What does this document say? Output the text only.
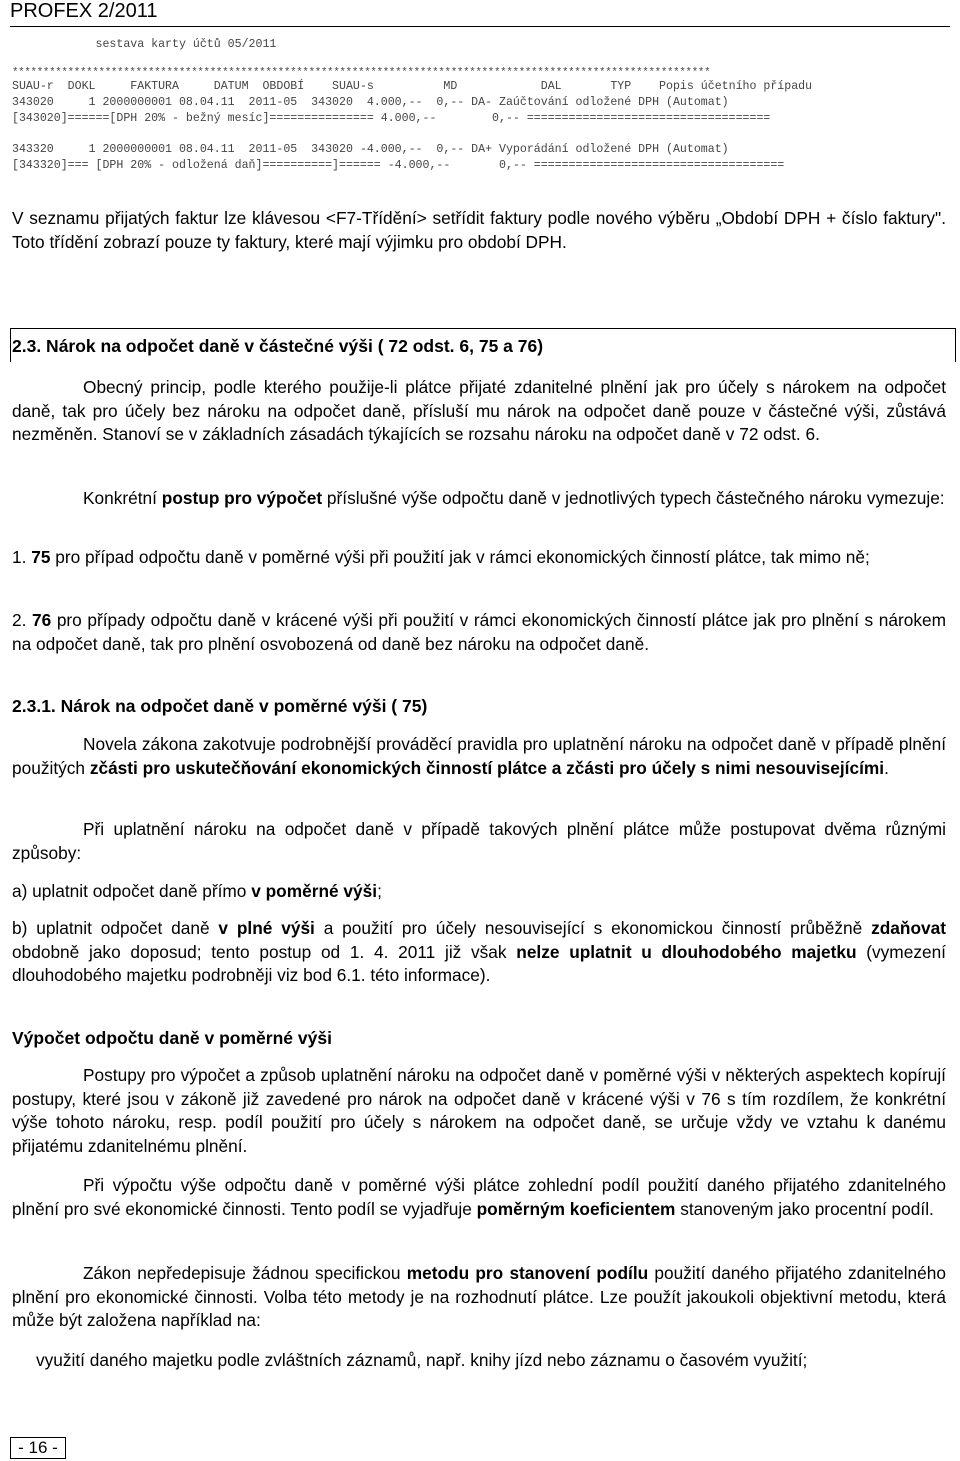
PROFEX 2/2011
sestava karty účtů 05/2011
*****************************************************************************************************************
SUAU-r  DOKL     FAKTURA     DATUM  OBDOBÍ    SUAU-s          MD            DAL       TYP    Popis účetního případu
343020     1 2000000001 08.04.11  2011-05  343020  4.000,--  0,-- DA- Zaúčtování odložené DPH (Automat)
[343020]======[DPH 20% - bežný mesíc]=============== 4.000,--        0,-- ===================================
343320     1 2000000001 08.04.11  2011-05  343020 -4.000,--  0,-- DA+ Vyporádání odložené DPH (Automat)
[343320]=== [DPH 20% - odložená daň]==========]====== -4.000,--       0,-- ====================================

V seznamu přijatých faktur lze klávesou <F7-Třídění> setřídit faktury podle nového výběru „Období DPH + číslo faktury". Toto třídění zobrazí pouze ty faktury, které mají výjimku pro období DPH.

2.3. Nárok na odpočet daně v částečné výši ( 72 odst. 6, 75 a 76)

Obecný princip, podle kterého použije-li plátce přijaté zdanitelné plnění jak pro účely s nárokem na odpočet daně, tak pro účely bez nároku na odpočet daně, přísluší mu nárok na odpočet daně pouze v částečné výši, zůstává nezměněn. Stanoví se v základních zásadách týkajících se rozsahu nároku na odpočet daně v 72 odst. 6.

Konkrétní postup pro výpočet příslušné výše odpočtu daně v jednotlivých typech částečného nároku vymezuje:

1. 75 pro případ odpočtu daně v poměrné výši při použití jak v rámci ekonomických činností plátce, tak mimo ně;

2. 76 pro případy odpočtu daně v krácené výši při použití v rámci ekonomických činností plátce jak pro plnění s nárokem na odpočet daně, tak pro plnění osvobozená od daně bez nároku na odpočet daně.

2.3.1. Nárok na odpočet daně v poměrné výši ( 75)

Novela zákona zakotvuje podrobnější prováděcí pravidla pro uplatnění nároku na odpočet daně v případě plnění použitých zčásti pro uskutečňování ekonomických činností plátce a zčásti pro účely s nimi nesouvisejícími.

Při uplatnění nároku na odpočet daně v případě takových plnění plátce může postupovat dvěma různými způsoby:

a) uplatnit odpočet daně přímo v poměrné výši;

b) uplatnit odpočet daně v plné výši a použití pro účely nesouvisející s ekonomickou činností průběžně zdaňovat obdobně jako doposud; tento postup od 1. 4. 2011 již však nelze uplatnit u dlouhodobého majetku (vymezení dlouhodobého majetku podrobněji viz bod 6.1. této informace).

Výpočet odpočtu daně v poměrné výši

Postupy pro výpočet a způsob uplatnění nároku na odpočet daně v poměrné výši v některých aspektech kopírují postupy, které jsou v zákoně již zavedené pro nárok na odpočet daně v krácené výši v 76 s tím rozdílem, že konkrétní výše tohoto nároku, resp. podíl použití pro účely s nárokem na odpočet daně, se určuje vždy ve vztahu k danému přijatému zdanitelnému plnění.

Při výpočtu výše odpočtu daně v poměrné výši plátce zohlední podíl použití daného přijatého zdanitelného plnění pro své ekonomické činnosti. Tento podíl se vyjadřuje poměrným koeficientem stanoveným jako procentní podíl.

Zákon nepředepisuje žádnou specifickou metodu pro stanovení podílu použití daného přijatého zdanitelného plnění pro ekonomické činnosti. Volba této metody je na rozhodnutí plátce. Lze použít jakoukoli objektivní metodu, která může být založena například na:

využití daného majetku podle zvláštních záznamů, např. knihy jízd nebo záznamu o časovém využití;

- 16 -
